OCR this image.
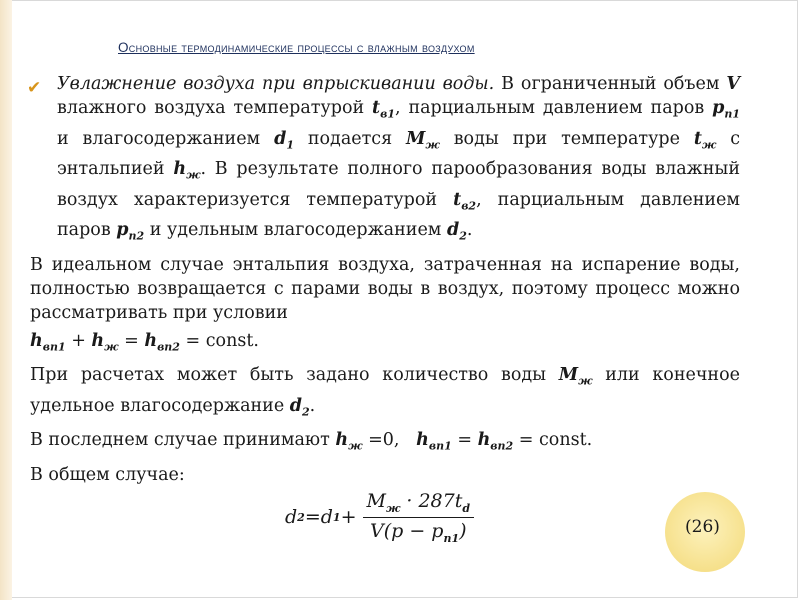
Основные термодинамические процессы с влажным воздухом
✔ Увлажнение воздуха при впрыскивании воды. В ограниченный объем V влажного воздуха температурой $t_{в1}$, парциальным давлением паров $p_{п1}$ и влагосодержанием $d_1$ подается $M_ж$ воды при температуре $t_ж$ с энтальпией $h_ж$. В результате полного парообразования воды влажный воздух характеризуется температурой $t_{в2}$, парциальным давлением паров $p_{п2}$ и удельным влагосодержанием $d_2$.

В идеальном случае энтальпия воздуха, затраченная на испарение воды, полностью возвращается с парами воды в воздух, поэтому процесс можно рассматривать при условии

$h_{вп1} + h_ж = h_{вп2}$ = const.

При расчетах может быть задано количество воды $M_ж$ или конечное удельное влагосодержание $d_2$.

В последнем случае принимают $h_ж =0$, $h_{вп1} = h_{вп2}$ = const.

В общем случае:

d 2 = d $1 + \frac{M_ж \cdot 287t_d}{V(p - p_{п1})}$	(26)
